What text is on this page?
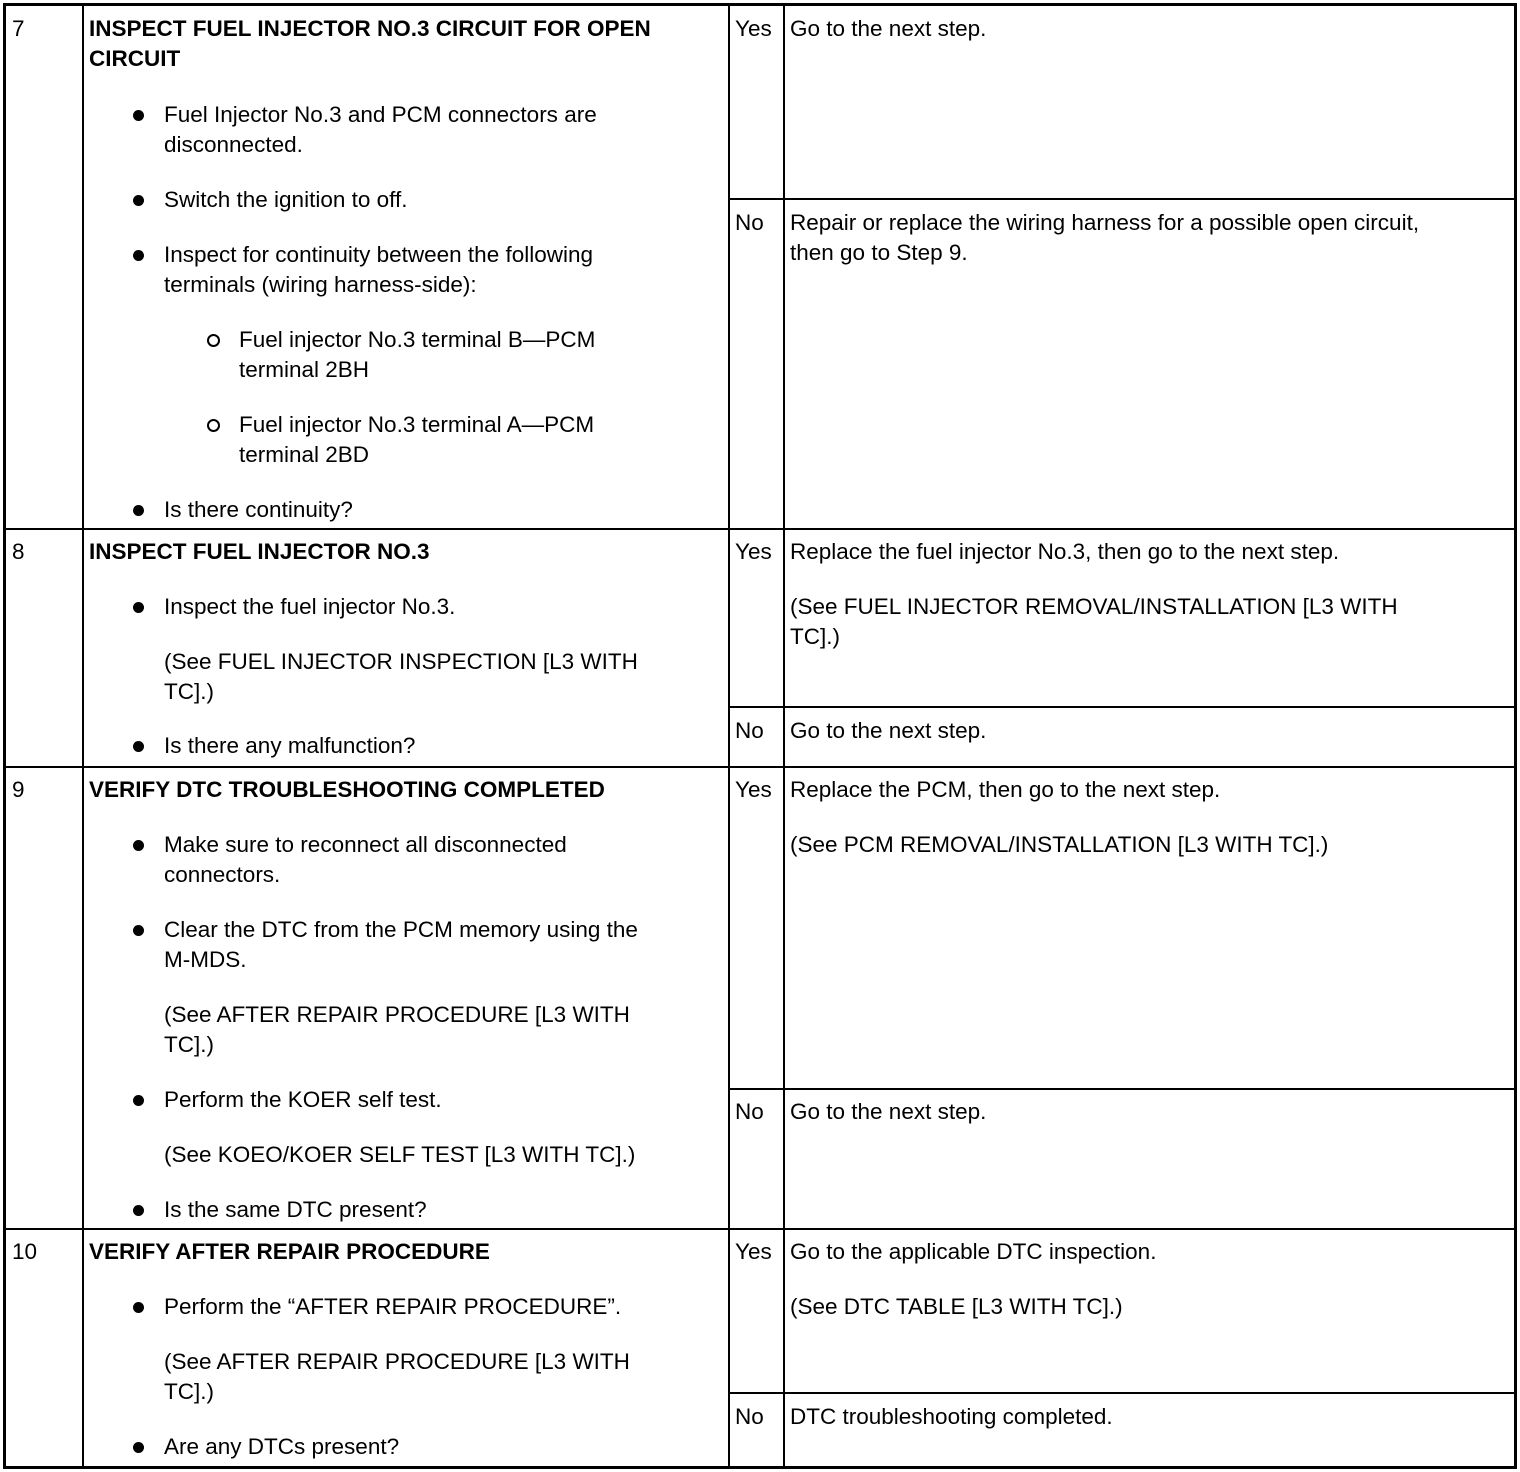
7	INSPECT FUEL INJECTOR NO.3 CIRCUIT FOR OPEN
CIRCUIT
Fuel Injector No.3 and PCM connectors are
disconnected.
Switch the ignition to off.
Inspect for continuity between the following
terminals (wiring harness-side):
Fuel injector No.3 terminal B—PCM
terminal 2BH
Fuel injector No.3 terminal A—PCM
terminal 2BD
Is there continuity?
Yes Go to the next step.
No Repair or replace the wiring harness for a possible open circuit,
then go to Step 9.
8	INSPECT FUEL INJECTOR NO.3
Inspect the fuel injector No.3.
(See FUEL INJECTOR INSPECTION [L3 WITH
TC].)
Is there any malfunction?
Yes Replace the fuel injector No.3, then go to the next step.
(See FUEL INJECTOR REMOVAL/INSTALLATION [L3 WITH
TC].)
No Go to the next step.
9	VERIFY DTC TROUBLESHOOTING COMPLETED
Make sure to reconnect all disconnected
connectors.
Clear the DTC from the PCM memory using the
M-MDS.
(See AFTER REPAIR PROCEDURE [L3 WITH
TC].)
Perform the KOER self test.
(See KOEO/KOER SELF TEST [L3 WITH TC].)
Is the same DTC present?
Yes Replace the PCM, then go to the next step.
(See PCM REMOVAL/INSTALLATION [L3 WITH TC].)
No Go to the next step.
10 VERIFY AFTER REPAIR PROCEDURE
Perform the “AFTER REPAIR PROCEDURE”.
(See AFTER REPAIR PROCEDURE [L3 WITH
TC].)
Are any DTCs present?
Yes Go to the applicable DTC inspection.
(See DTC TABLE [L3 WITH TC].)
No DTC troubleshooting completed.
